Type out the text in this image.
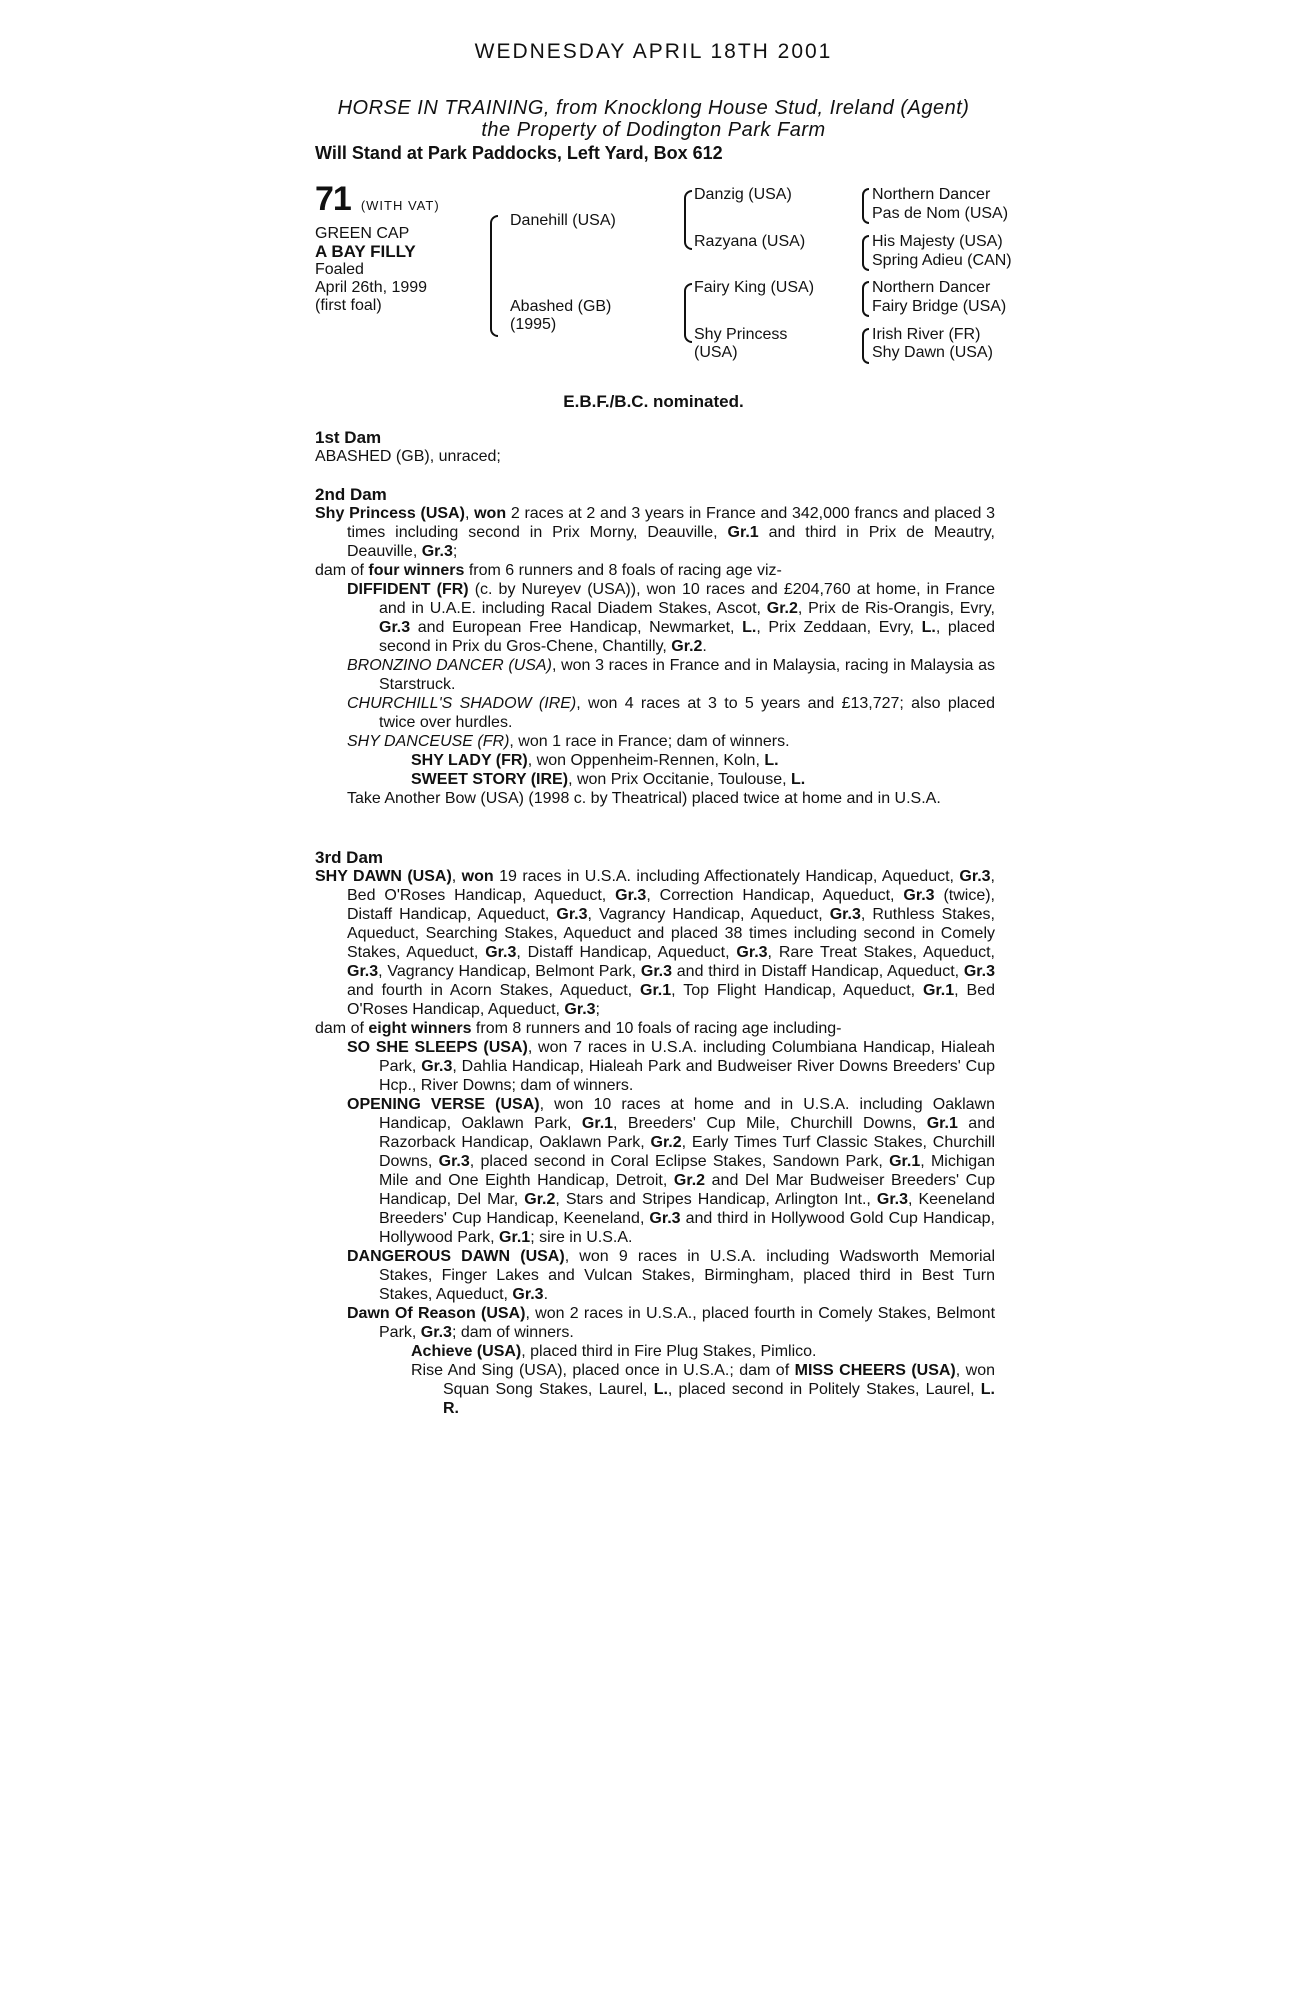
WEDNESDAY APRIL 18TH 2001
HORSE IN TRAINING, from Knocklong House Stud, Ireland (Agent)
the Property of Dodington Park Farm
Will Stand at Park Paddocks, Left Yard, Box 612
71 (WITH VAT)
GREEN CAP
A BAY FILLY
Foaled
April 26th, 1999
(first foal)
Danehill (USA)
Abashed (GB)
(1995)
Danzig (USA)
Razyana (USA)
Fairy King (USA)
Shy Princess
(USA)
Northern Dancer
Pas de Nom (USA)
His Majesty (USA)
Spring Adieu (CAN)
Northern Dancer
Fairy Bridge (USA)
Irish River (FR)
Shy Dawn (USA)
E.B.F./B.C. nominated.
1st Dam
ABASHED (GB), unraced;
2nd Dam
Shy Princess (USA), won 2 races at 2 and 3 years in France and 342,000 francs and placed 3 times including second in Prix Morny, Deauville, Gr.1 and third in Prix de Meautry, Deauville, Gr.3;
dam of four winners from 6 runners and 8 foals of racing age viz-
DIFFIDENT (FR) (c. by Nureyev (USA)), won 10 races and £204,760 at home, in France and in U.A.E. including Racal Diadem Stakes, Ascot, Gr.2, Prix de Ris-Orangis, Evry, Gr.3 and European Free Handicap, Newmarket, L., Prix Zeddaan, Evry, L., placed second in Prix du Gros-Chene, Chantilly, Gr.2.
BRONZINO DANCER (USA), won 3 races in France and in Malaysia, racing in Malaysia as Starstruck.
CHURCHILL'S SHADOW (IRE), won 4 races at 3 to 5 years and £13,727; also placed twice over hurdles.
SHY DANCEUSE (FR), won 1 race in France; dam of winners.
SHY LADY (FR), won Oppenheim-Rennen, Koln, L.
SWEET STORY (IRE), won Prix Occitanie, Toulouse, L.
Take Another Bow (USA) (1998 c. by Theatrical) placed twice at home and in U.S.A.
3rd Dam
SHY DAWN (USA), won 19 races in U.S.A. including Affectionately Handicap, Aqueduct, Gr.3, Bed O'Roses Handicap, Aqueduct, Gr.3, Correction Handicap, Aqueduct, Gr.3 (twice), Distaff Handicap, Aqueduct, Gr.3, Vagrancy Handicap, Aqueduct, Gr.3, Ruthless Stakes, Aqueduct, Searching Stakes, Aqueduct and placed 38 times including second in Comely Stakes, Aqueduct, Gr.3, Distaff Handicap, Aqueduct, Gr.3, Rare Treat Stakes, Aqueduct, Gr.3, Vagrancy Handicap, Belmont Park, Gr.3 and third in Distaff Handicap, Aqueduct, Gr.3 and fourth in Acorn Stakes, Aqueduct, Gr.1, Top Flight Handicap, Aqueduct, Gr.1, Bed O'Roses Handicap, Aqueduct, Gr.3;
dam of eight winners from 8 runners and 10 foals of racing age including-
SO SHE SLEEPS (USA), won 7 races in U.S.A. including Columbiana Handicap, Hialeah Park, Gr.3, Dahlia Handicap, Hialeah Park and Budweiser River Downs Breeders' Cup Hcp., River Downs; dam of winners.
OPENING VERSE (USA), won 10 races at home and in U.S.A. including Oaklawn Handicap, Oaklawn Park, Gr.1, Breeders' Cup Mile, Churchill Downs, Gr.1 and Razorback Handicap, Oaklawn Park, Gr.2, Early Times Turf Classic Stakes, Churchill Downs, Gr.3, placed second in Coral Eclipse Stakes, Sandown Park, Gr.1, Michigan Mile and One Eighth Handicap, Detroit, Gr.2 and Del Mar Budweiser Breeders' Cup Handicap, Del Mar, Gr.2, Stars and Stripes Handicap, Arlington Int., Gr.3, Keeneland Breeders' Cup Handicap, Keeneland, Gr.3 and third in Hollywood Gold Cup Handicap, Hollywood Park, Gr.1; sire in U.S.A.
DANGEROUS DAWN (USA), won 9 races in U.S.A. including Wadsworth Memorial Stakes, Finger Lakes and Vulcan Stakes, Birmingham, placed third in Best Turn Stakes, Aqueduct, Gr.3.
Dawn Of Reason (USA), won 2 races in U.S.A., placed fourth in Comely Stakes, Belmont Park, Gr.3; dam of winners.
Achieve (USA), placed third in Fire Plug Stakes, Pimlico.
Rise And Sing (USA), placed once in U.S.A.; dam of MISS CHEERS (USA), won Squan Song Stakes, Laurel, L., placed second in Politely Stakes, Laurel, L. R.
